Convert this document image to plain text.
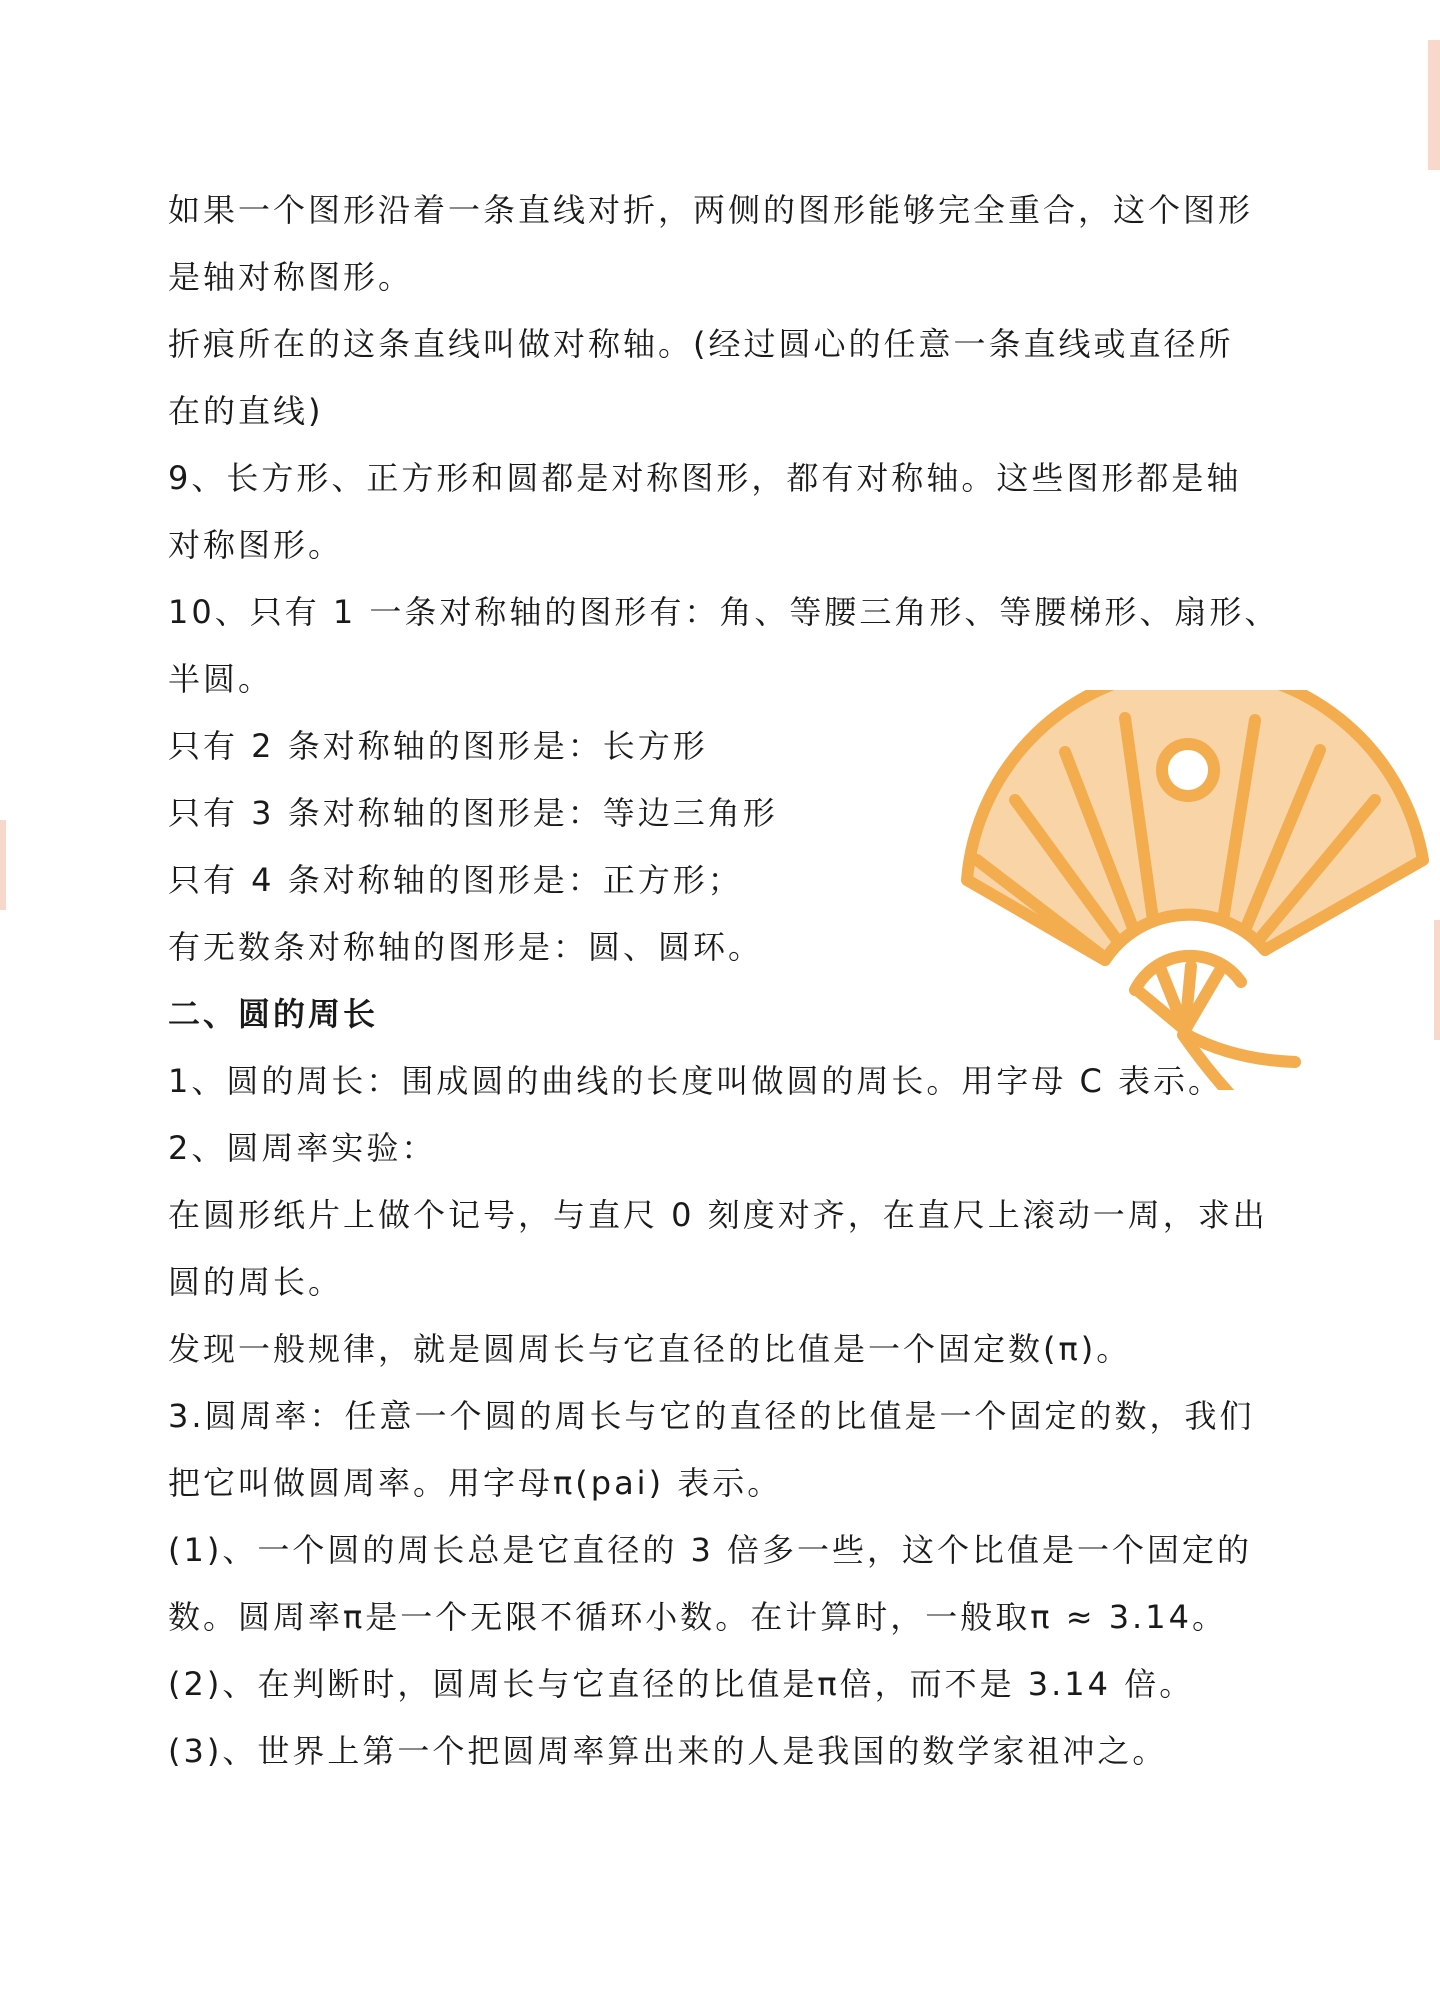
如果一个图形沿着一条直线对折，两侧的图形能够完全重合，这个图形
是轴对称图形。
折痕所在的这条直线叫做对称轴。(经过圆心的任意一条直线或直径所
在的直线)
9、长方形、正方形和圆都是对称图形，都有对称轴。这些图形都是轴
对称图形。
10、只有 1 一条对称轴的图形有：角、等腰三角形、等腰梯形、扇形、
半圆。
只有 2 条对称轴的图形是：长方形
只有 3 条对称轴的图形是：等边三角形
只有 4 条对称轴的图形是：正方形；
有无数条对称轴的图形是：圆、圆环。
二、圆的周长
1、圆的周长：围成圆的曲线的长度叫做圆的周长。用字母 C 表示。
2、圆周率实验：
在圆形纸片上做个记号，与直尺 0 刻度对齐，在直尺上滚动一周，求出
圆的周长。
发现一般规律，就是圆周长与它直径的比值是一个固定数(π)。
3.圆周率：任意一个圆的周长与它的直径的比值是一个固定的数，我们
把它叫做圆周率。用字母π(pai) 表示。
(1)、一个圆的周长总是它直径的 3 倍多一些，这个比值是一个固定的
数。圆周率π是一个无限不循环小数。在计算时，一般取π ≈ 3.14。
(2)、在判断时，圆周长与它直径的比值是π倍，而不是 3.14 倍。
(3)、世界上第一个把圆周率算出来的人是我国的数学家祖冲之。
